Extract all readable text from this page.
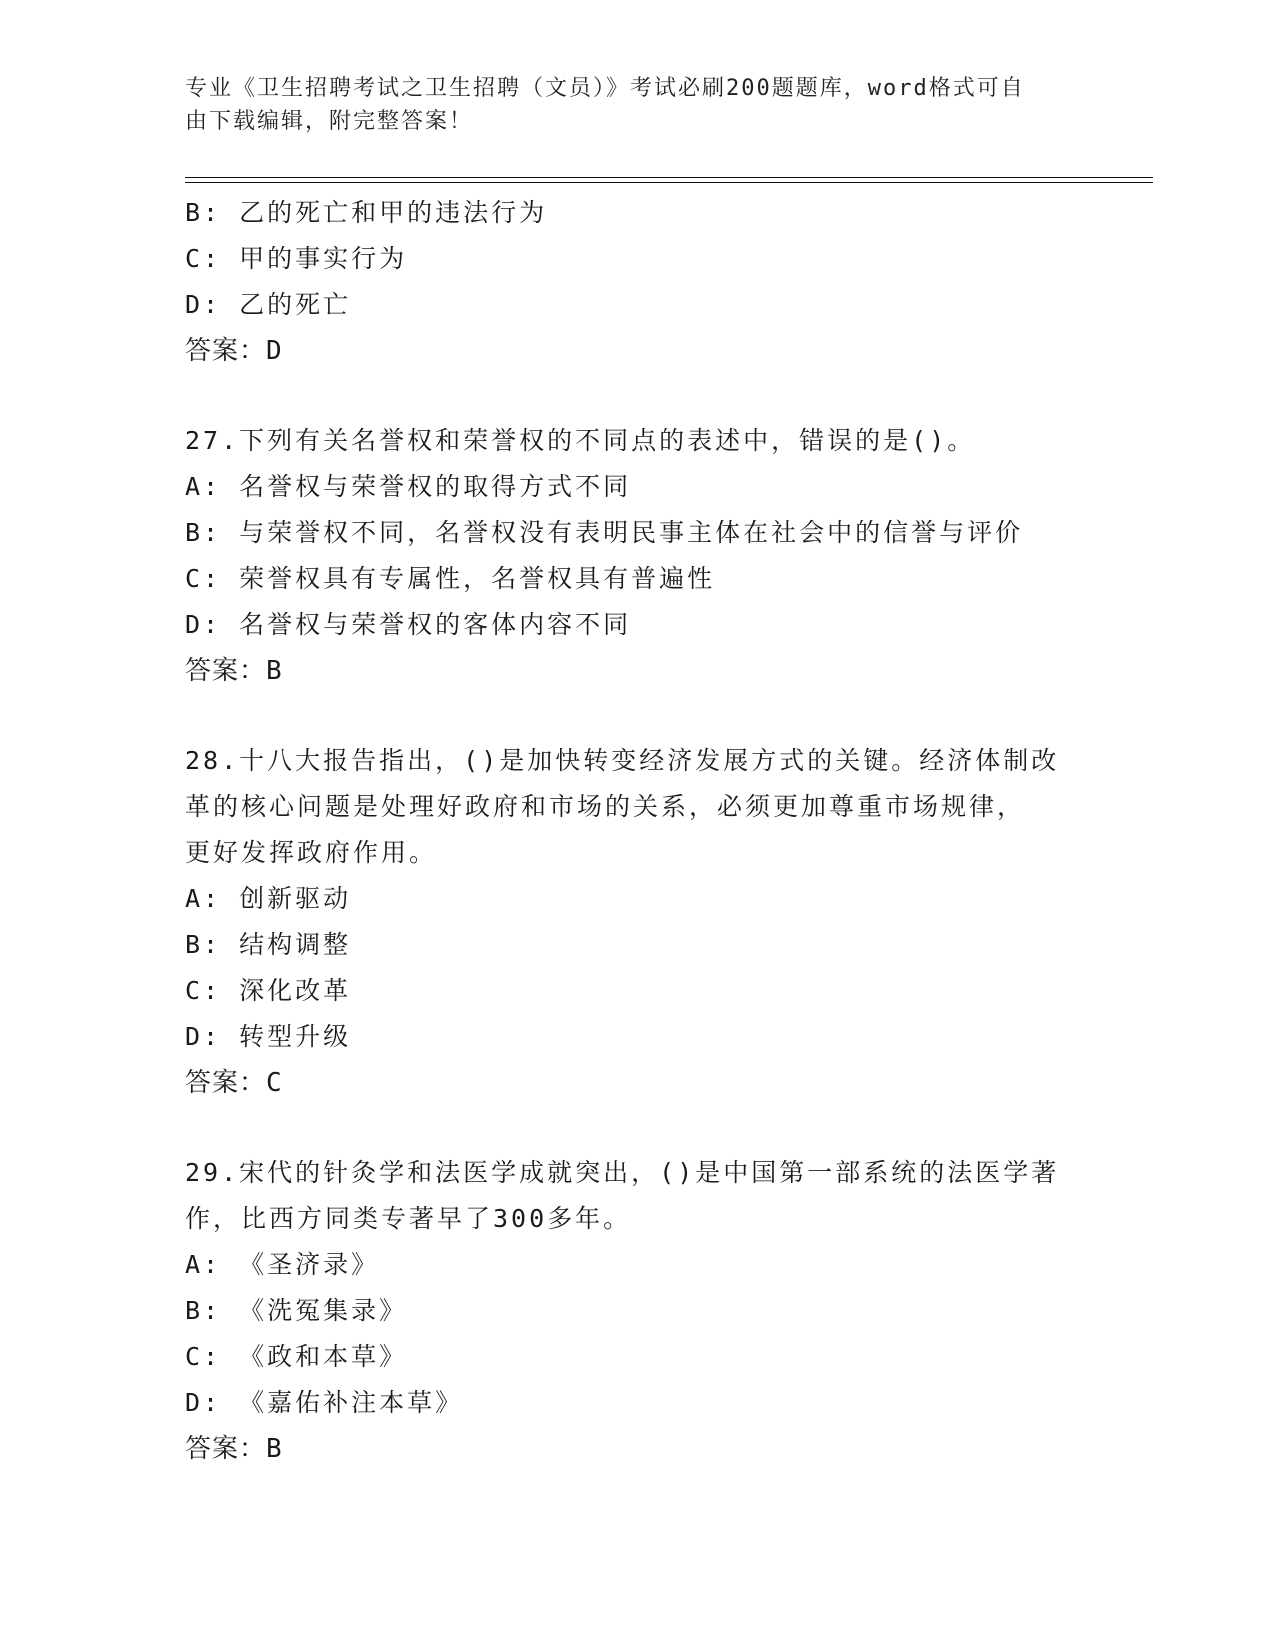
专业《卫生招聘考试之卫生招聘（文员）》考试必刷200题题库，word格式可自
由下载编辑，附完整答案！
B: 乙的死亡和甲的违法行为
C: 甲的事实行为
D: 乙的死亡
答案：D
27.下列有关名誉权和荣誉权的不同点的表述中，错误的是()。
A: 名誉权与荣誉权的取得方式不同
B: 与荣誉权不同，名誉权没有表明民事主体在社会中的信誉与评价
C: 荣誉权具有专属性，名誉权具有普遍性
D: 名誉权与荣誉权的客体内容不同
答案：B
28.十八大报告指出，()是加快转变经济发展方式的关键。经济体制改
革的核心问题是处理好政府和市场的关系，必须更加尊重市场规律，
更好发挥政府作用。
A: 创新驱动
B: 结构调整
C: 深化改革
D: 转型升级
答案：C
29.宋代的针灸学和法医学成就突出，()是中国第一部系统的法医学著
作，比西方同类专著早了300多年。
A: 《圣济录》
B: 《洗冤集录》
C: 《政和本草》
D: 《嘉佑补注本草》
答案：B
